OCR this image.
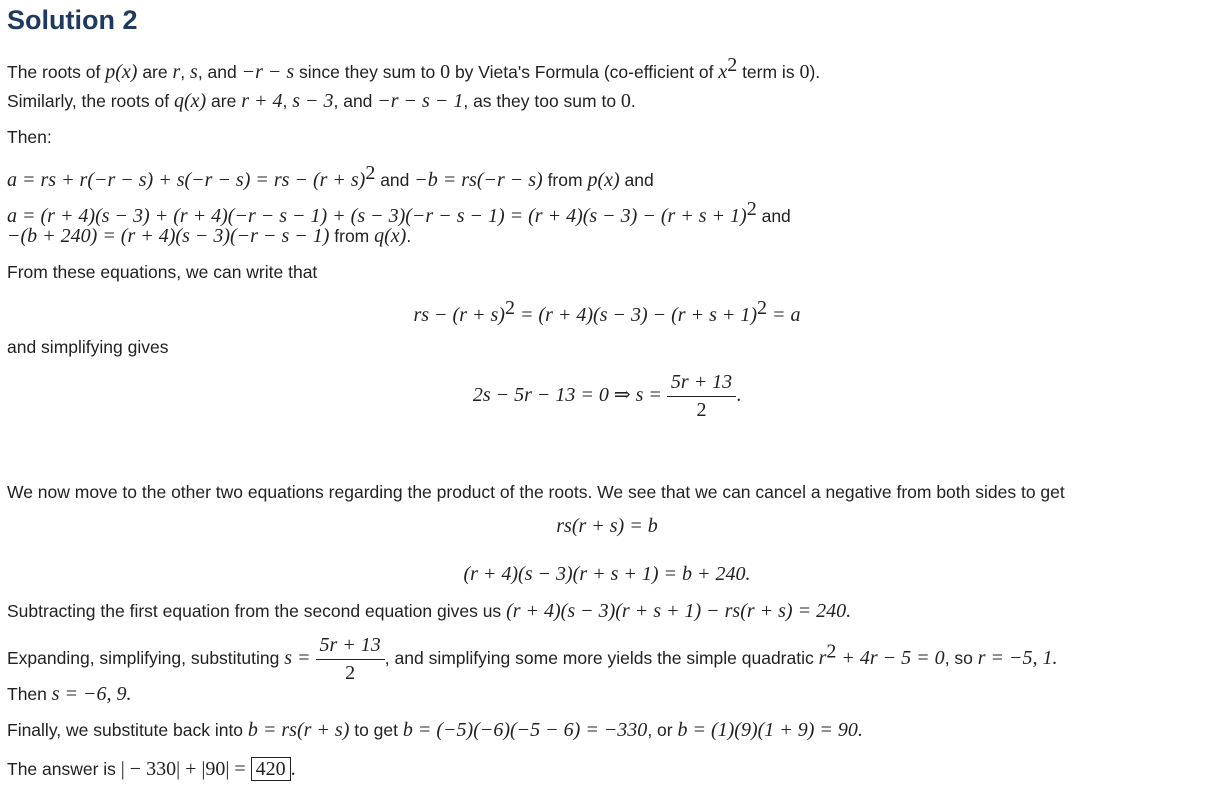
Solution 2
The roots of p(x) are r, s, and −r − s since they sum to 0 by Vieta's Formula (co-efficient of $x^2$ term is 0).
Similarly, the roots of q(x) are r + 4, s − 3, and −r − s − 1, as they too sum to 0.
Then:
a = rs + r(−r − s) + s(−r − s) = rs − $(r + s)^2$ and −b = rs(−r − s) from p(x) and
$a = (r + 4)(s - 3) + (r + 4)(-r - s - 1) + (s - 3)(-r - s - 1) = (r + 4)(s - 3) - (r + s + 1)^2$ and
−(b + 240) = (r + 4)(s − 3)(−r − s − 1) from q(x).
From these equations, we can write that
rs − $(r + s)^2 = (r + 4)(s - 3) - (r + s + 1)^2 = a$
and simplifying gives
2s − 5r − 13 = 0 ⇒ $s = \frac{5r + 13}{2}$ .
We now move to the other two equations regarding the product of the roots. We see that we can cancel a negative from both sides to get
rs(r + s) = b
(r + 4)(s − 3)(r + s + 1) = b + 240.
Subtracting the first equation from the second equation gives us (r + 4)(s − 3)(r + s + 1) − rs(r + s) = 240.
Expanding, simplifying, substituting $s = \frac{5r + 13}{2}$ , and simplifying some more yields the simple quadratic $r^2 + 4r - 5 = 0$, so r = −5, 1.
Then s = −6, 9.
Finally, we substitute back into b = rs(r + s) to get b = (−5)(−6)(−5 − 6) = −330, or b = (1)(9)(1 + 9) = 90.
The answer is | − 330| + |90| = 420 .
